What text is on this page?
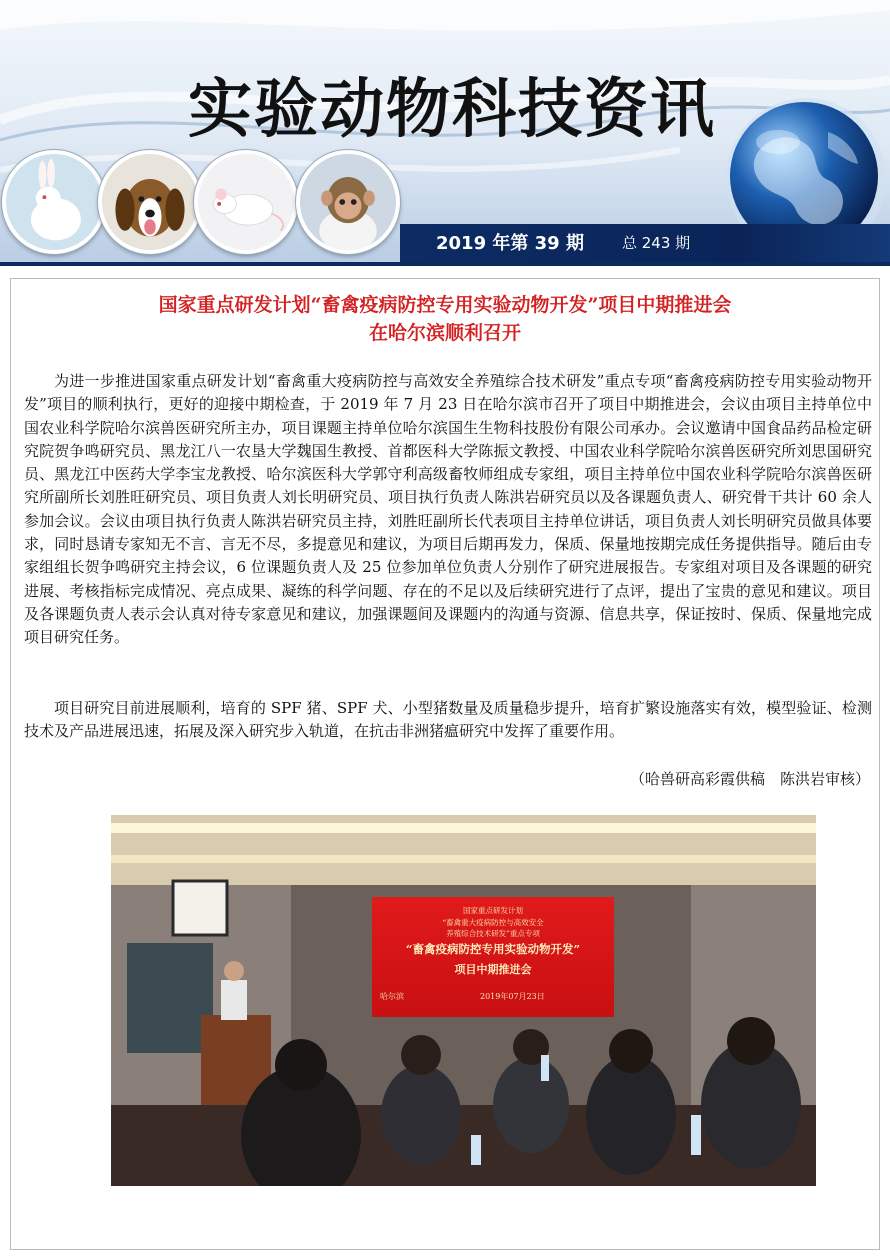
实验动物科技资讯
2019 年第 39 期	总 243 期
国家重点研发计划“畜禽疫病防控专用实验动物开发”项目中期推进会
在哈尔滨顺利召开

为进一步推进国家重点研发计划“畜禽重大疫病防控与高效安全养殖综合技术研发”重点专项“畜禽疫病防控专用实验动物开发”项目的顺利执行，更好的迎接中期检查，于 2019 年 7 月 23 日在哈尔滨市召开了项目中期推进会，会议由项目主持单位中国农业科学院哈尔滨兽医研究所主办，项目课题主持单位哈尔滨国生生物科技股份有限公司承办。会议邀请中国食品药品检定研究院贺争鸣研究员、黑龙江八一农垦大学魏国生教授、首都医科大学陈振文教授、中国农业科学院哈尔滨兽医研究所刘思国研究员、黑龙江中医药大学李宝龙教授、哈尔滨医科大学郭守利高级畜牧师组成专家组，项目主持单位中国农业科学院哈尔滨兽医研究所副所长刘胜旺研究员、项目负责人刘长明研究员、项目执行负责人陈洪岩研究员以及各课题负责人、研究骨干共计 60 余人参加会议。会议由项目执行负责人陈洪岩研究员主持，刘胜旺副所长代表项目主持单位讲话，项目负责人刘长明研究员做具体要求，同时恳请专家知无不言、言无不尽，多提意见和建议，为项目后期再发力，保质、保量地按期完成任务提供指导。随后由专家组组长贺争鸣研究主持会议，6 位课题负责人及 25 位参加单位负责人分别作了研究进展报告。专家组对项目及各课题的研究进展、考核指标完成情况、亮点成果、凝练的科学问题、存在的不足以及后续研究进行了点评，提出了宝贵的意见和建议。项目及各课题负责人表示会认真对待专家意见和建议，加强课题间及课题内的沟通与资源、信息共享，保证按时、保质、保量地完成项目研究任务。

项目研究目前进展顺利，培育的 SPF 猪、SPF 犬、小型猪数量及质量稳步提升，培育扩繁设施落实有效，模型验证、检测技术及产品进展迅速，拓展及深入研究步入轨道，在抗击非洲猪瘟研究中发挥了重要作用。

（哈兽研高彩霞供稿　陈洪岩审核）
国家重点研发计划
“畜禽重大疫病防控与高效安全
养殖综合技术研发”重点专项
“畜禽疫病防控专用实验动物开发”
项目中期推进会
哈尔滨	2019年07月23日
